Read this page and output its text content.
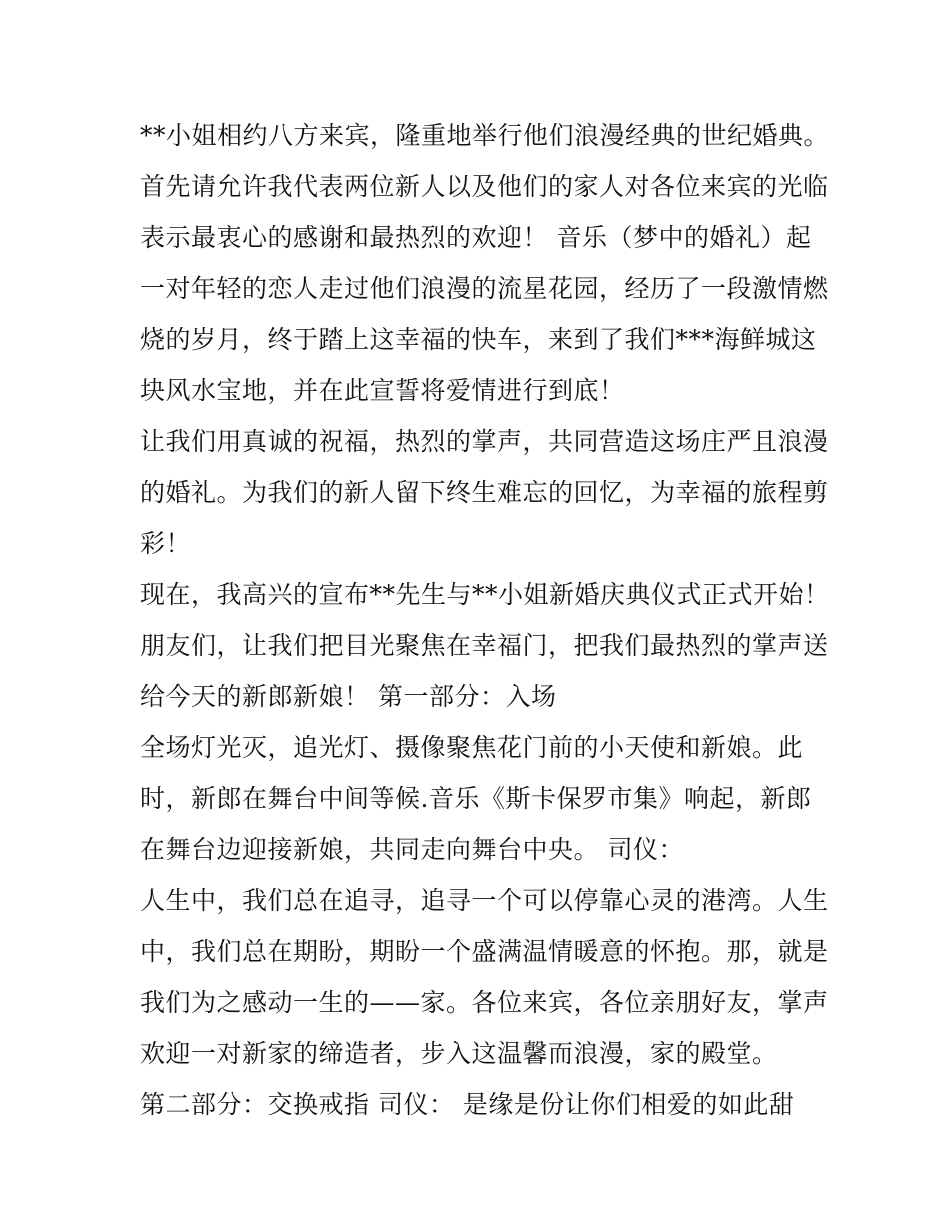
**小姐相约八方来宾，隆重地举行他们浪漫经典的世纪婚典。
首先请允许我代表两位新人以及他们的家人对各位来宾的光临
表示最衷心的感谢和最热烈的欢迎！ 音乐（梦中的婚礼）起
一对年轻的恋人走过他们浪漫的流星花园，经历了一段激情燃
烧的岁月，终于踏上这幸福的快车，来到了我们***海鲜城这
块风水宝地，并在此宣誓将爱情进行到底！
让我们用真诚的祝福，热烈的掌声，共同营造这场庄严且浪漫
的婚礼。为我们的新人留下终生难忘的回忆，为幸福的旅程剪
彩！
现在，我高兴的宣布**先生与**小姐新婚庆典仪式正式开始！
朋友们，让我们把目光聚焦在幸福门，把我们最热烈的掌声送
给今天的新郎新娘！ 第一部分：入场
全场灯光灭，追光灯、摄像聚焦花门前的小天使和新娘。此
时，新郎在舞台中间等候.音乐《斯卡保罗市集》响起，新郎
在舞台边迎接新娘，共同走向舞台中央。 司仪：
人生中，我们总在追寻，追寻一个可以停靠心灵的港湾。人生
中，我们总在期盼，期盼一个盛满温情暖意的怀抱。那，就是
我们为之感动一生的——家。各位来宾，各位亲朋好友，掌声
欢迎一对新家的缔造者，步入这温馨而浪漫，家的殿堂。
第二部分：交换戒指 司仪： 是缘是份让你们相爱的如此甜
